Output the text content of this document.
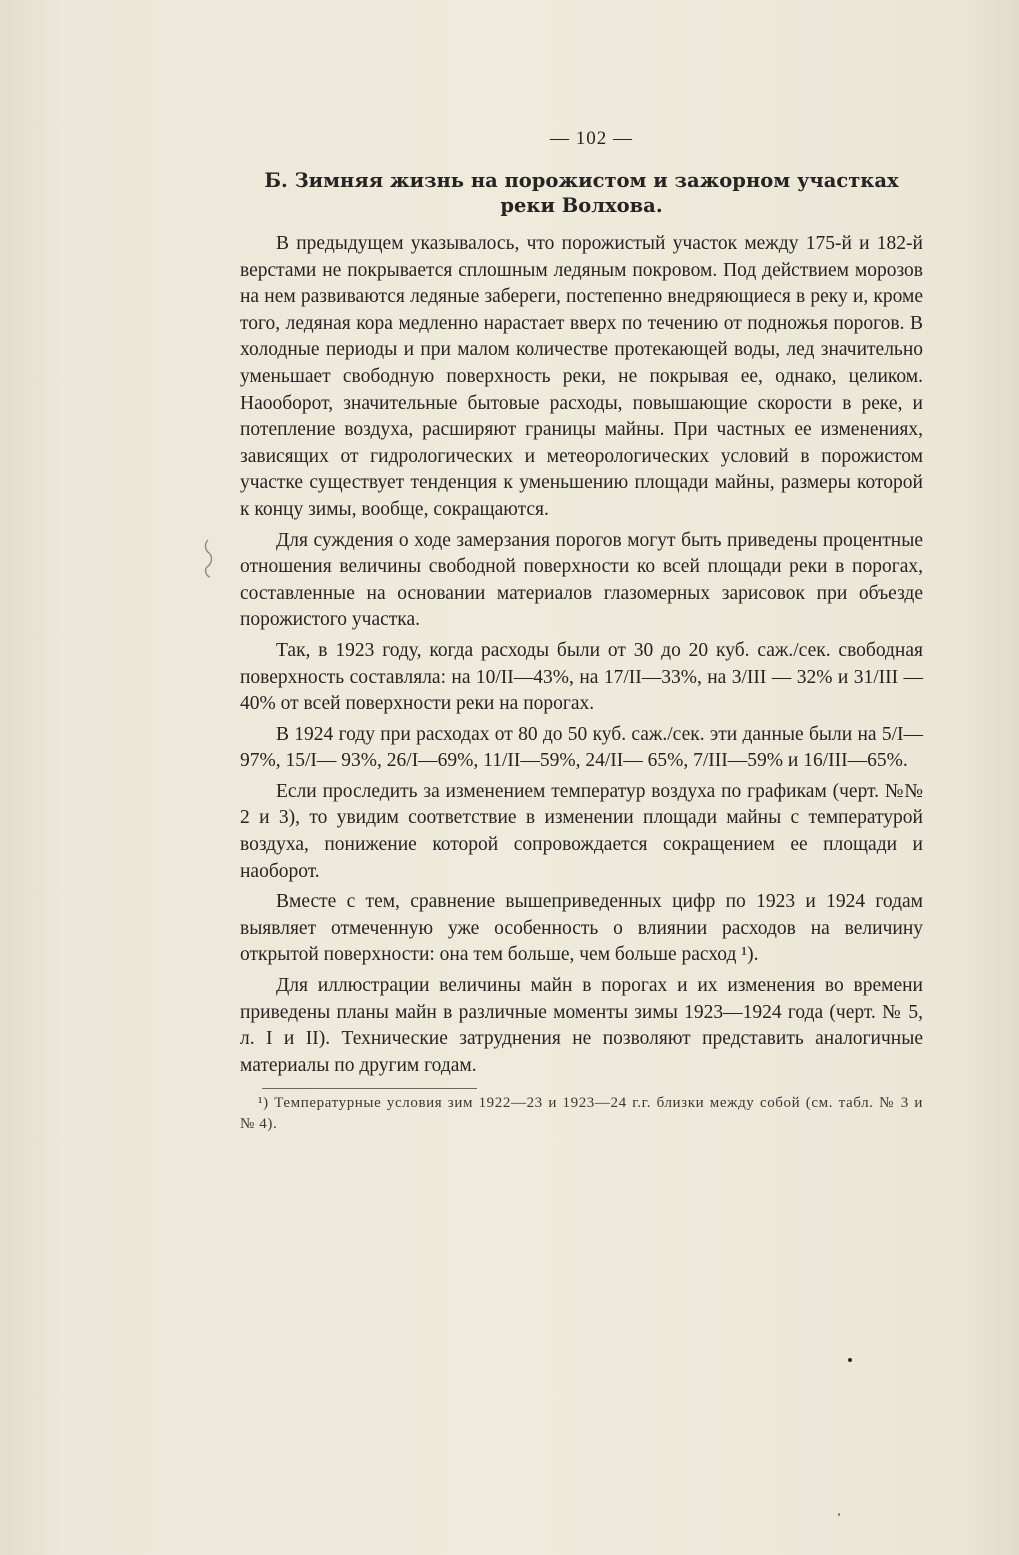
— 102 —
Б. Зимняя жизнь на порожистом и зажорном участках
реки Волхова.

В предыдущем указывалось, что порожистый участок между 175-й и 182-й верстами не покрывается сплошным ледяным покровом. Под действием морозов на нем развиваются ледяные забереги, постепенно внедряющиеся в реку и, кроме того, ледяная кора медленно нарастает вверх по течению от подножья порогов. В холодные периоды и при малом количестве протекающей воды, лед значительно уменьшает свободную поверхность реки, не покрывая ее, однако, целиком. Наооборот, значительные бытовые расходы, повышающие скорости в реке, и потепление воздуха, расширяют границы майны. При частных ее изменениях, зависящих от гидрологических и метеорологических условий в порожистом участке существует тенденция к уменьшению площади майны, размеры которой к концу зимы, вообще, сокращаются.

Для суждения о ходе замерзания порогов могут быть приведены процентные отношения величины свободной поверхности ко всей площади реки в порогах, составленные на основании материалов глазомерных зарисовок при объезде порожистого участка.

Так, в 1923 году, когда расходы были от 30 до 20 куб. саж./сек. свободная поверхность составляла: на 10/II—43%, на 17/II—33%, на 3/III — 32% и 31/III — 40% от всей поверхности реки на порогах.

В 1924 году при расходах от 80 до 50 куб. саж./сек. эти данные были на 5/I—97%, 15/I— 93%, 26/I—69%, 11/II—59%, 24/II— 65%, 7/III—59% и 16/III—65%.

Если проследить за изменением температур воздуха по графикам (черт. №№ 2 и 3), то увидим соответствие в изменении площади майны с температурой воздуха, понижение которой сопровождается сокращением ее площади и наоборот.

Вместе с тем, сравнение вышеприведенных цифр по 1923 и 1924 годам выявляет отмеченную уже особенность о влиянии расходов на величину открытой поверхности: она тем больше, чем больше расход ¹).

Для иллюстрации величины майн в порогах и их изменения во времени приведены планы майн в различные моменты зимы 1923—1924 года (черт. № 5, л. I и II). Технические затруднения не позволяют представить аналогичные материалы по другим годам.

¹) Температурные условия зим 1922—23 и 1923—24 г.г. близки между собой (см. табл. № 3 и № 4).
